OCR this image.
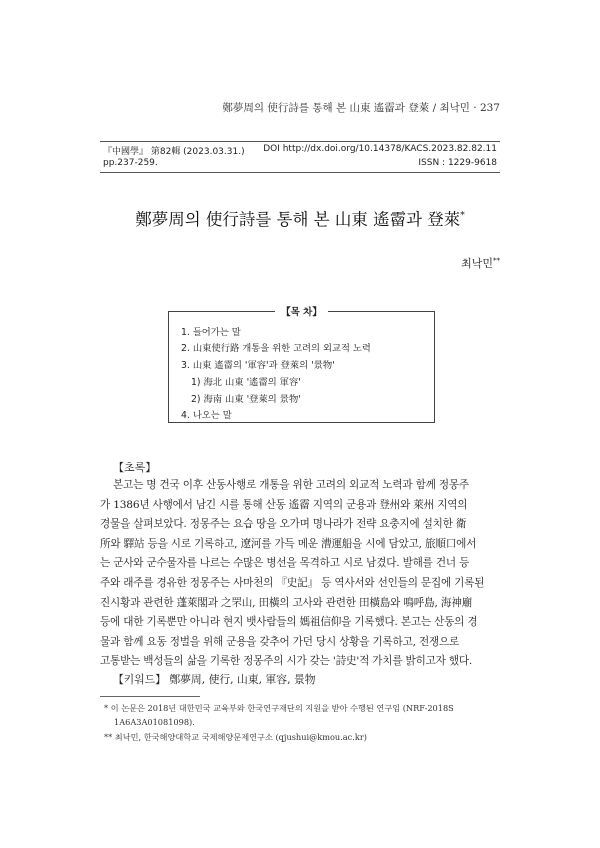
鄭夢周의 使行詩를 통해 본 山東 遙霤과 登萊 / 최낙민 · 237
『中國學』 第82輯 (2023.03.31.)
pp.237-259.
DOI http://dx.doi.org/10.14378/KACS.2023.82.82.11
ISSN : 1229-9618
鄭夢周의 使行詩를 통해 본 山東 遙霤과 登萊*
최낙민**
【목 차】
1. 들어가는 말
2. 山東使行路 개통을 위한 고려의 외교적 노력
3. 山東 遙霤의 '軍容'과 登萊의 '景物'
1) 海北 山東 '遙霤의 軍容'
2) 海南 山東 '登萊의 景物'
4. 나오는 말
【초록】
본고는 명 건국 이후 산동사행로 개통을 위한 고려의 외교적 노력과 함께 정몽주
가 1386년 사행에서 남긴 시를 통해 산동 遙霤 지역의 군용과 登州와 萊州 지역의
경물을 살펴보았다. 정몽주는 요습 땅을 오가며 명나라가 전략 요충지에 설치한 衛
所와 驛站 등을 시로 기록하고, 遼河를 가득 메운 漕運船을 시에 담았고, 旅順口에서
는 군사와 군수물자를 나르는 수많은 병선을 목격하고 시로 남겼다. 발해를 건너 등
주와 래주를 경유한 정몽주는 사마천의 『史記』 등 역사서와 선인들의 문집에 기록된
진시황과 관련한 蓬萊閣과 之罘山, 田橫의 고사와 관련한 田橫島와 鳴呼島, 海神廟
등에 대한 기록뿐만 아니라 현지 뱃사람들의 媽祖信仰을 기록했다. 본고는 산동의 경
물과 함께 요동 정벌을 위해 군용을 갖추어 가던 당시 상황을 기록하고, 전쟁으로
고통받는 백성들의 삶을 기록한 정몽주의 시가 갖는 '詩史'적 가치를 밝히고자 했다.
【키워드】 鄭夢周, 使行, 山東, 軍容, 景物
* 이 논문은 2018년 대한민국 교육부와 한국연구재단의 지원을 받아 수행된 연구임 (NRF-2018S
1A6A3A01081098).
** 최낙민, 한국해양대학교 국제해양문제연구소 (qjushui@kmou.ac.kr)
